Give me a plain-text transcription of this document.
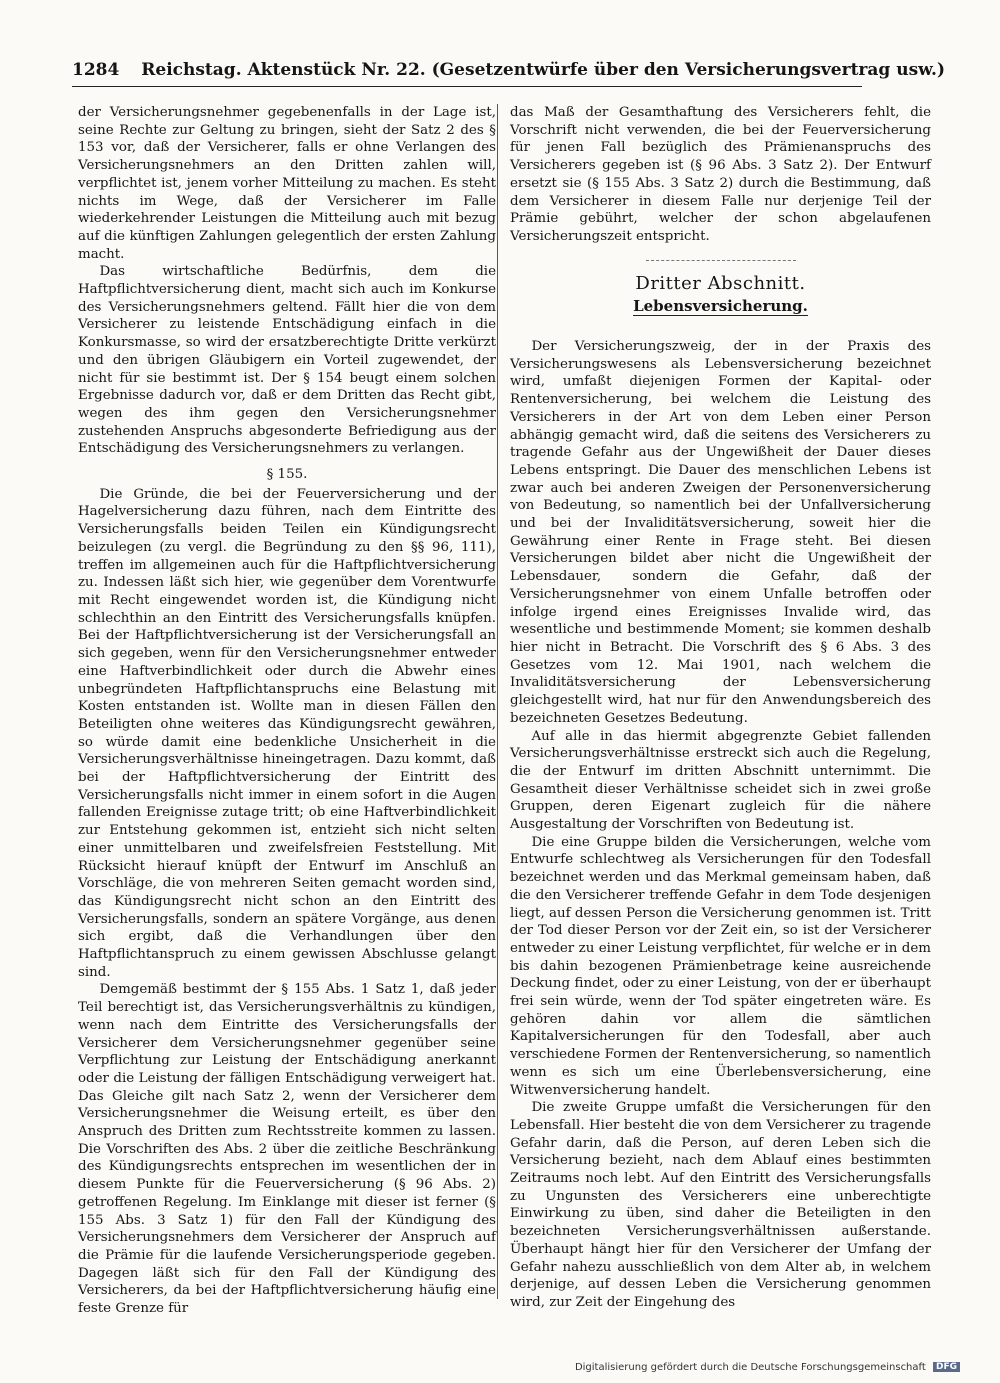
1284 Reichstag. Aktenstück Nr. 22. (Gesetzentwürfe über den Versicherungsvertrag usw.)

der Versicherungsnehmer gegebenenfalls in der Lage ist, seine Rechte zur Geltung zu bringen, sieht der Satz 2 des § 153 vor, daß der Versicherer, falls er ohne Verlangen des Versicherungsnehmers an den Dritten zahlen will, verpflichtet ist, jenem vorher Mitteilung zu machen. Es steht nichts im Wege, daß der Versicherer im Falle wiederkehrender Leistungen die Mitteilung auch mit bezug auf die künftigen Zahlungen gelegentlich der ersten Zahlung macht.

Das wirtschaftliche Bedürfnis, dem die Haftpflichtversicherung dient, macht sich auch im Konkurse des Versicherungsnehmers geltend. Fällt hier die von dem Versicherer zu leistende Entschädigung einfach in die Konkursmasse, so wird der ersatzberechtigte Dritte verkürzt und den übrigen Gläubigern ein Vorteil zugewendet, der nicht für sie bestimmt ist. Der § 154 beugt einem solchen Ergebnisse dadurch vor, daß er dem Dritten das Recht gibt, wegen des ihm gegen den Versicherungsnehmer zustehenden Anspruchs abgesonderte Befriedigung aus der Entschädigung des Versicherungsnehmers zu verlangen.

§ 155.

Die Gründe, die bei der Feuerversicherung und der Hagelversicherung dazu führen, nach dem Eintritte des Versicherungsfalls beiden Teilen ein Kündigungsrecht beizulegen (zu vergl. die Begründung zu den §§ 96, 111), treffen im allgemeinen auch für die Haftpflichtversicherung zu. Indessen läßt sich hier, wie gegenüber dem Vorentwurfe mit Recht eingewendet worden ist, die Kündigung nicht schlechthin an den Eintritt des Versicherungsfalls knüpfen. Bei der Haftpflichtversicherung ist der Versicherungsfall an sich gegeben, wenn für den Versicherungsnehmer entweder eine Haftverbindlichkeit oder durch die Abwehr eines unbegründeten Haftpflichtanspruchs eine Belastung mit Kosten entstanden ist. Wollte man in diesen Fällen den Beteiligten ohne weiteres das Kündigungsrecht gewähren, so würde damit eine bedenkliche Unsicherheit in die Versicherungsverhältnisse hineingetragen. Dazu kommt, daß bei der Haftpflichtversicherung der Eintritt des Versicherungsfalls nicht immer in einem sofort in die Augen fallenden Ereignisse zutage tritt; ob eine Haftverbindlichkeit zur Entstehung gekommen ist, entzieht sich nicht selten einer unmittelbaren und zweifelsfreien Feststellung. Mit Rücksicht hierauf knüpft der Entwurf im Anschluß an Vorschläge, die von mehreren Seiten gemacht worden sind, das Kündigungsrecht nicht schon an den Eintritt des Versicherungsfalls, sondern an spätere Vorgänge, aus denen sich ergibt, daß die Verhandlungen über den Haftpflichtanspruch zu einem gewissen Abschlusse gelangt sind.

Demgemäß bestimmt der § 155 Abs. 1 Satz 1, daß jeder Teil berechtigt ist, das Versicherungsverhältnis zu kündigen, wenn nach dem Eintritte des Versicherungsfalls der Versicherer dem Versicherungsnehmer gegenüber seine Verpflichtung zur Leistung der Entschädigung anerkannt oder die Leistung der fälligen Entschädigung verweigert hat. Das Gleiche gilt nach Satz 2, wenn der Versicherer dem Versicherungsnehmer die Weisung erteilt, es über den Anspruch des Dritten zum Rechtsstreite kommen zu lassen. Die Vorschriften des Abs. 2 über die zeitliche Beschränkung des Kündigungsrechts entsprechen im wesentlichen der in diesem Punkte für die Feuerversicherung (§ 96 Abs. 2) getroffenen Regelung. Im Einklange mit dieser ist ferner (§ 155 Abs. 3 Satz 1) für den Fall der Kündigung des Versicherungsnehmers dem Versicherer der Anspruch auf die Prämie für die laufende Versicherungsperiode gegeben. Dagegen läßt sich für den Fall der Kündigung des Versicherers, da bei der Haftpflichtversicherung häufig eine feste Grenze für

das Maß der Gesamthaftung des Versicherers fehlt, die Vorschrift nicht verwenden, die bei der Feuerversicherung für jenen Fall bezüglich des Prämienanspruchs des Versicherers gegeben ist (§ 96 Abs. 3 Satz 2). Der Entwurf ersetzt sie (§ 155 Abs. 3 Satz 2) durch die Bestimmung, daß dem Versicherer in diesem Falle nur derjenige Teil der Prämie gebührt, welcher der schon abgelaufenen Versicherungszeit entspricht.

Dritter Abschnitt.
Lebensversicherung.

Der Versicherungszweig, der in der Praxis des Versicherungswesens als Lebensversicherung bezeichnet wird, umfaßt diejenigen Formen der Kapital- oder Rentenversicherung, bei welchem die Leistung des Versicherers in der Art von dem Leben einer Person abhängig gemacht wird, daß die seitens des Versicherers zu tragende Gefahr aus der Ungewißheit der Dauer dieses Lebens entspringt. Die Dauer des menschlichen Lebens ist zwar auch bei anderen Zweigen der Personenversicherung von Bedeutung, so namentlich bei der Unfallversicherung und bei der Invaliditätsversicherung, soweit hier die Gewährung einer Rente in Frage steht. Bei diesen Versicherungen bildet aber nicht die Ungewißheit der Lebensdauer, sondern die Gefahr, daß der Versicherungsnehmer von einem Unfalle betroffen oder infolge irgend eines Ereignisses Invalide wird, das wesentliche und bestimmende Moment; sie kommen deshalb hier nicht in Betracht. Die Vorschrift des § 6 Abs. 3 des Gesetzes vom 12. Mai 1901, nach welchem die Invaliditätsversicherung der Lebensversicherung gleichgestellt wird, hat nur für den Anwendungsbereich des bezeichneten Gesetzes Bedeutung.

Auf alle in das hiermit abgegrenzte Gebiet fallenden Versicherungsverhältnisse erstreckt sich auch die Regelung, die der Entwurf im dritten Abschnitt unternimmt. Die Gesamtheit dieser Verhältnisse scheidet sich in zwei große Gruppen, deren Eigenart zugleich für die nähere Ausgestaltung der Vorschriften von Bedeutung ist.

Die eine Gruppe bilden die Versicherungen, welche vom Entwurfe schlechtweg als Versicherungen für den Todesfall bezeichnet werden und das Merkmal gemeinsam haben, daß die den Versicherer treffende Gefahr in dem Tode desjenigen liegt, auf dessen Person die Versicherung genommen ist. Tritt der Tod dieser Person vor der Zeit ein, so ist der Versicherer entweder zu einer Leistung verpflichtet, für welche er in dem bis dahin bezogenen Prämienbetrage keine ausreichende Deckung findet, oder zu einer Leistung, von der er überhaupt frei sein würde, wenn der Tod später eingetreten wäre. Es gehören dahin vor allem die sämtlichen Kapitalversicherungen für den Todesfall, aber auch verschiedene Formen der Rentenversicherung, so namentlich wenn es sich um eine Überlebensversicherung, eine Witwenversicherung handelt.

Die zweite Gruppe umfaßt die Versicherungen für den Lebensfall. Hier besteht die von dem Versicherer zu tragende Gefahr darin, daß die Person, auf deren Leben sich die Versicherung bezieht, nach dem Ablauf eines bestimmten Zeitraums noch lebt. Auf den Eintritt des Versicherungsfalls zu Ungunsten des Versicherers eine unberechtigte Einwirkung zu üben, sind daher die Beteiligten in den bezeichneten Versicherungsverhältnissen außerstande. Überhaupt hängt hier für den Versicherer der Umfang der Gefahr nahezu ausschließlich von dem Alter ab, in welchem derjenige, auf dessen Leben die Versicherung genommen wird, zur Zeit der Eingehung des

Digitalisierung gefördert durch die Deutsche Forschungsgemeinschaft DFG
